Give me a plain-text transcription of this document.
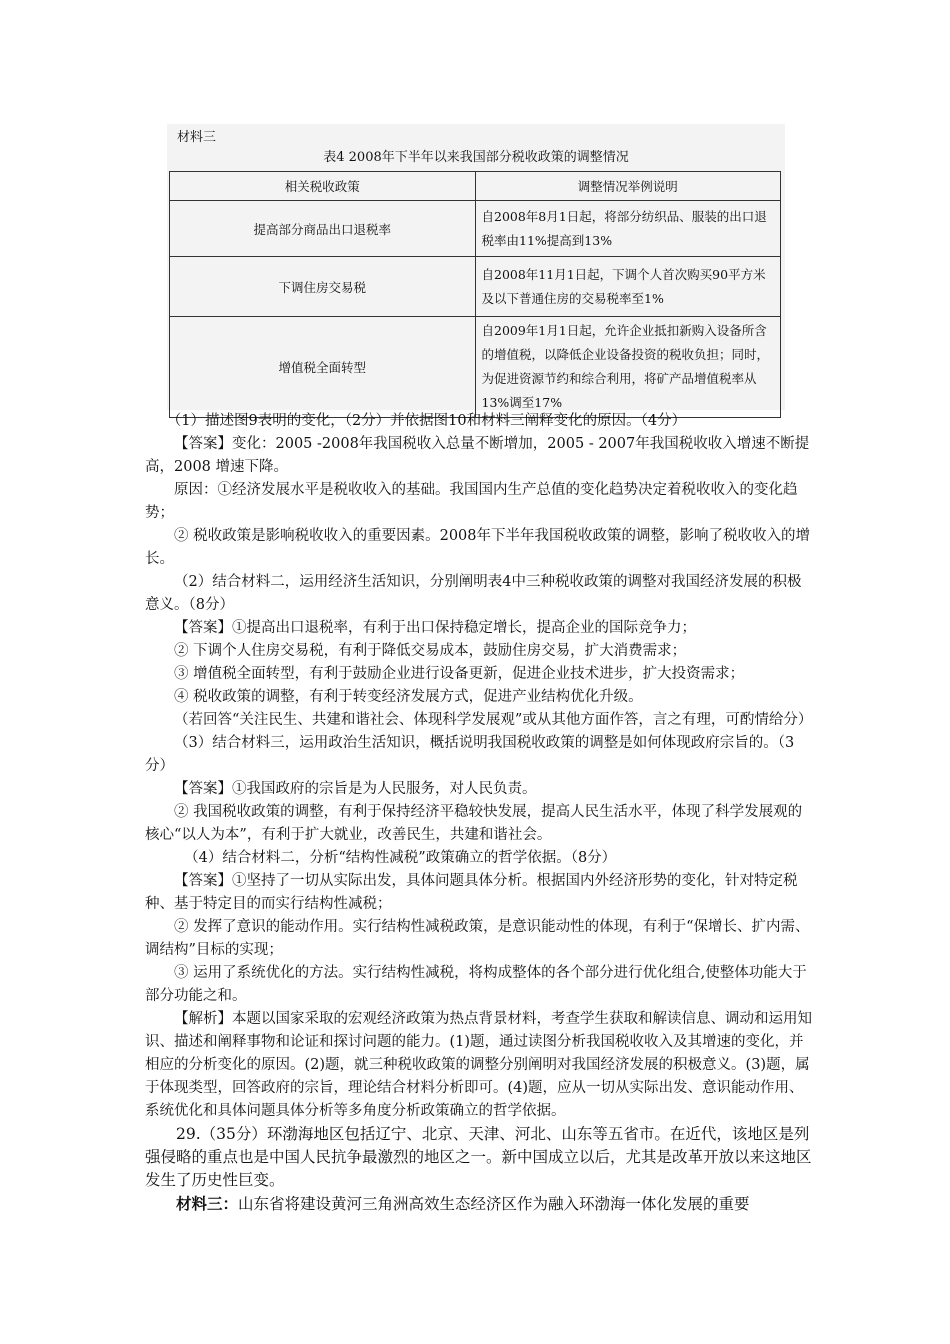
材料三
表4 2008年下半年以来我国部分税收政策的调整情况
相关税收政策	调整情况举例说明
提高部分商品出口退税率	自2008年8月1日起，将部分纺织品、服装的出口退税率由11%提高到13%
下调住房交易税	自2008年11月1日起，下调个人首次购买90平方米及以下普通住房的交易税率至1%
增值税全面转型	自2009年1月1日起，允许企业抵扣新购入设备所含的增值税，以降低企业设备投资的税收负担；同时，为促进资源节约和综合利用，将矿产品增值税率从13%调至17%

（1）描述图9表明的变化，（2分）并依据图10和材料三阐释变化的原因。（4分）

【答案】变化：2005 -2008年我国税收入总量不断增加，2005 - 2007年我国税收收入增速不断提高，2008 增速下降。

原因：①经济发展水平是税收收入的基础。我国国内生产总值的变化趋势决定着税收收入的变化趋势；

② 税收政策是影响税收收入的重要因素。2008年下半年我国税收政策的调整，影响了税收收入的增长。

（2）结合材料二，运用经济生活知识，分别阐明表4中三种税收政策的调整对我国经济发展的积极意义。（8分）

【答案】①提高出口退税率，有利于出口保持稳定增长，提高企业的国际竞争力；

② 下调个人住房交易税，有利于降低交易成本，鼓励住房交易，扩大消费需求；

③ 增值税全面转型，有利于鼓励企业进行设备更新，促进企业技术进步，扩大投资需求；

④ 税收政策的调整，有利于转变经济发展方式，促进产业结构优化升级。

（若回答“关注民生、共建和谐社会、体现科学发展观”或从其他方面作答，言之有理，可酌情给分）

（3）结合材料三，运用政治生活知识，概括说明我国税收政策的调整是如何体现政府宗旨的。（3分）

【答案】①我国政府的宗旨是为人民服务，对人民负责。

② 我国税收政策的调整，有利于保持经济平稳较快发展，提高人民生活水平，体现了科学发展观的核心“以人为本”，有利于扩大就业，改善民生，共建和谐社会。

（4）结合材料二，分析“结构性减税”政策确立的哲学依据。（8分）

【答案】①坚持了一切从实际出发，具体问题具体分析。根据国内外经济形势的变化，针对特定税种、基于特定目的而实行结构性减税；

② 发挥了意识的能动作用。实行结构性减税政策，是意识能动性的体现，有利于“保增长、扩内需、调结构”目标的实现；

③ 运用了系统优化的方法。实行结构性减税，将构成整体的各个部分进行优化组合,使整体功能大于部分功能之和。

【解析】本题以国家采取的宏观经济政策为热点背景材料，考查学生获取和解读信息、调动和运用知识、描述和阐释事物和论证和探讨问题的能力。(1)题，通过读图分析我国税收收入及其增速的变化，并相应的分析变化的原因。(2)题，就三种税收政策的调整分别阐明对我国经济发展的积极意义。(3)题，属于体现类型，回答政府的宗旨，理论结合材料分析即可。(4)题，应从一切从实际出发、意识能动作用、系统优化和具体问题具体分析等多角度分析政策确立的哲学依据。

29.（35分）环渤海地区包括辽宁、北京、天津、河北、山东等五省市。在近代，该地区是列强侵略的重点也是中国人民抗争最激烈的地区之一。新中国成立以后，尤其是改革开放以来这地区发生了历史性巨变。

材料三：山东省将建设黄河三角洲高效生态经济区作为融入环渤海一体化发展的重要
